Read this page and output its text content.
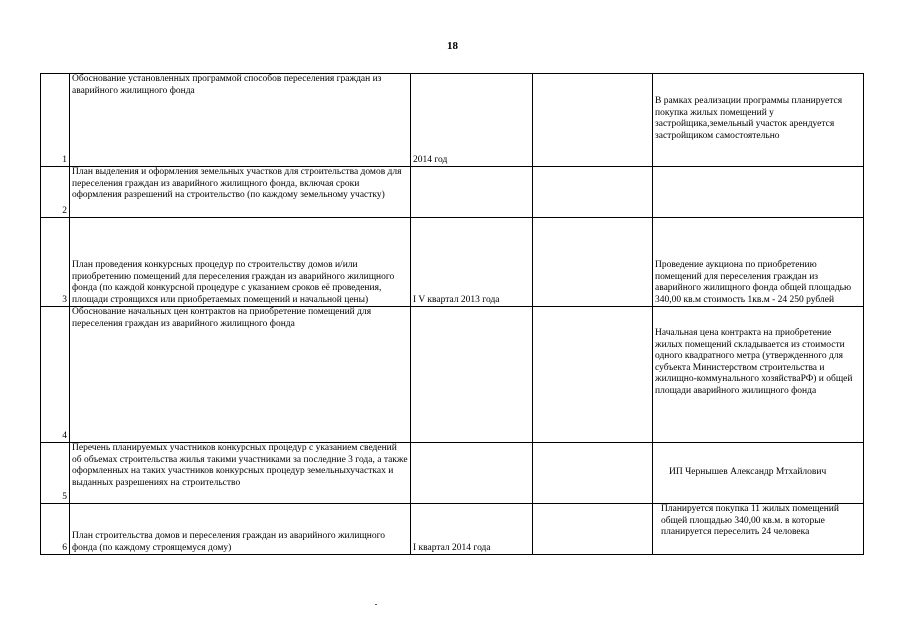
18
1	Обоснование установленных программой способов переселения граждан из аварийного жилищного фонда	2014 год		В рамках реализации программы планируется покупка жилых помещений у застройщика,земельный участок арендуется застройщиком самостоятельно

2	План выделения и оформления земельных участков для строительства домов для переселения граждан из аварийного жилищного фонда, включая сроки оформления разрешений на строительство (по каждому земельному участку)			
3	План проведения конкурсных процедур по строительству домов и/или приобретению помещений для переселения граждан из аварийного жилищного фонда (по каждой конкурсной процедуре с указанием сроков её проведения, площади строящихся или приобретаемых помещений и начальной цены)	I V квартал 2013 года		Проведение аукциона по приобретению помещений для переселения граждан из аварийного жилищного фонда общей площадью 340,00 кв.м стоимость 1кв.м - 24 250 рублей
4	Обоснование начальных цен контрактов на приобретение помещений для переселения граждан из аварийного жилищного фонда			Начальная цена контракта на приобретение жилых помещений складывается из стоимости одного квадратного метра (утвержденного для субъекта Министерством строительства и жилищно-коммунального хозяйстваРФ) и общей площади аварийного жилищного фонда

5	Перечень планируемых участников конкурсных процедур с указанием сведений об объемах строительства жилья такими участниками за последние 3 года, а также оформленных на таких участников конкурсных процедур земельныхучастках и выданных разрешениях на строительство			ИП Чернышев Александр Мтхайлович
6	План строительства домов и переселения граждан из аварийного жилищного фонда (по каждому строящемуся дому)	I квартал 2014 года		Планируется покупка 11 жилых помещений общей площадью 340,00 кв.м. в которые планируется переселить 24 человека
